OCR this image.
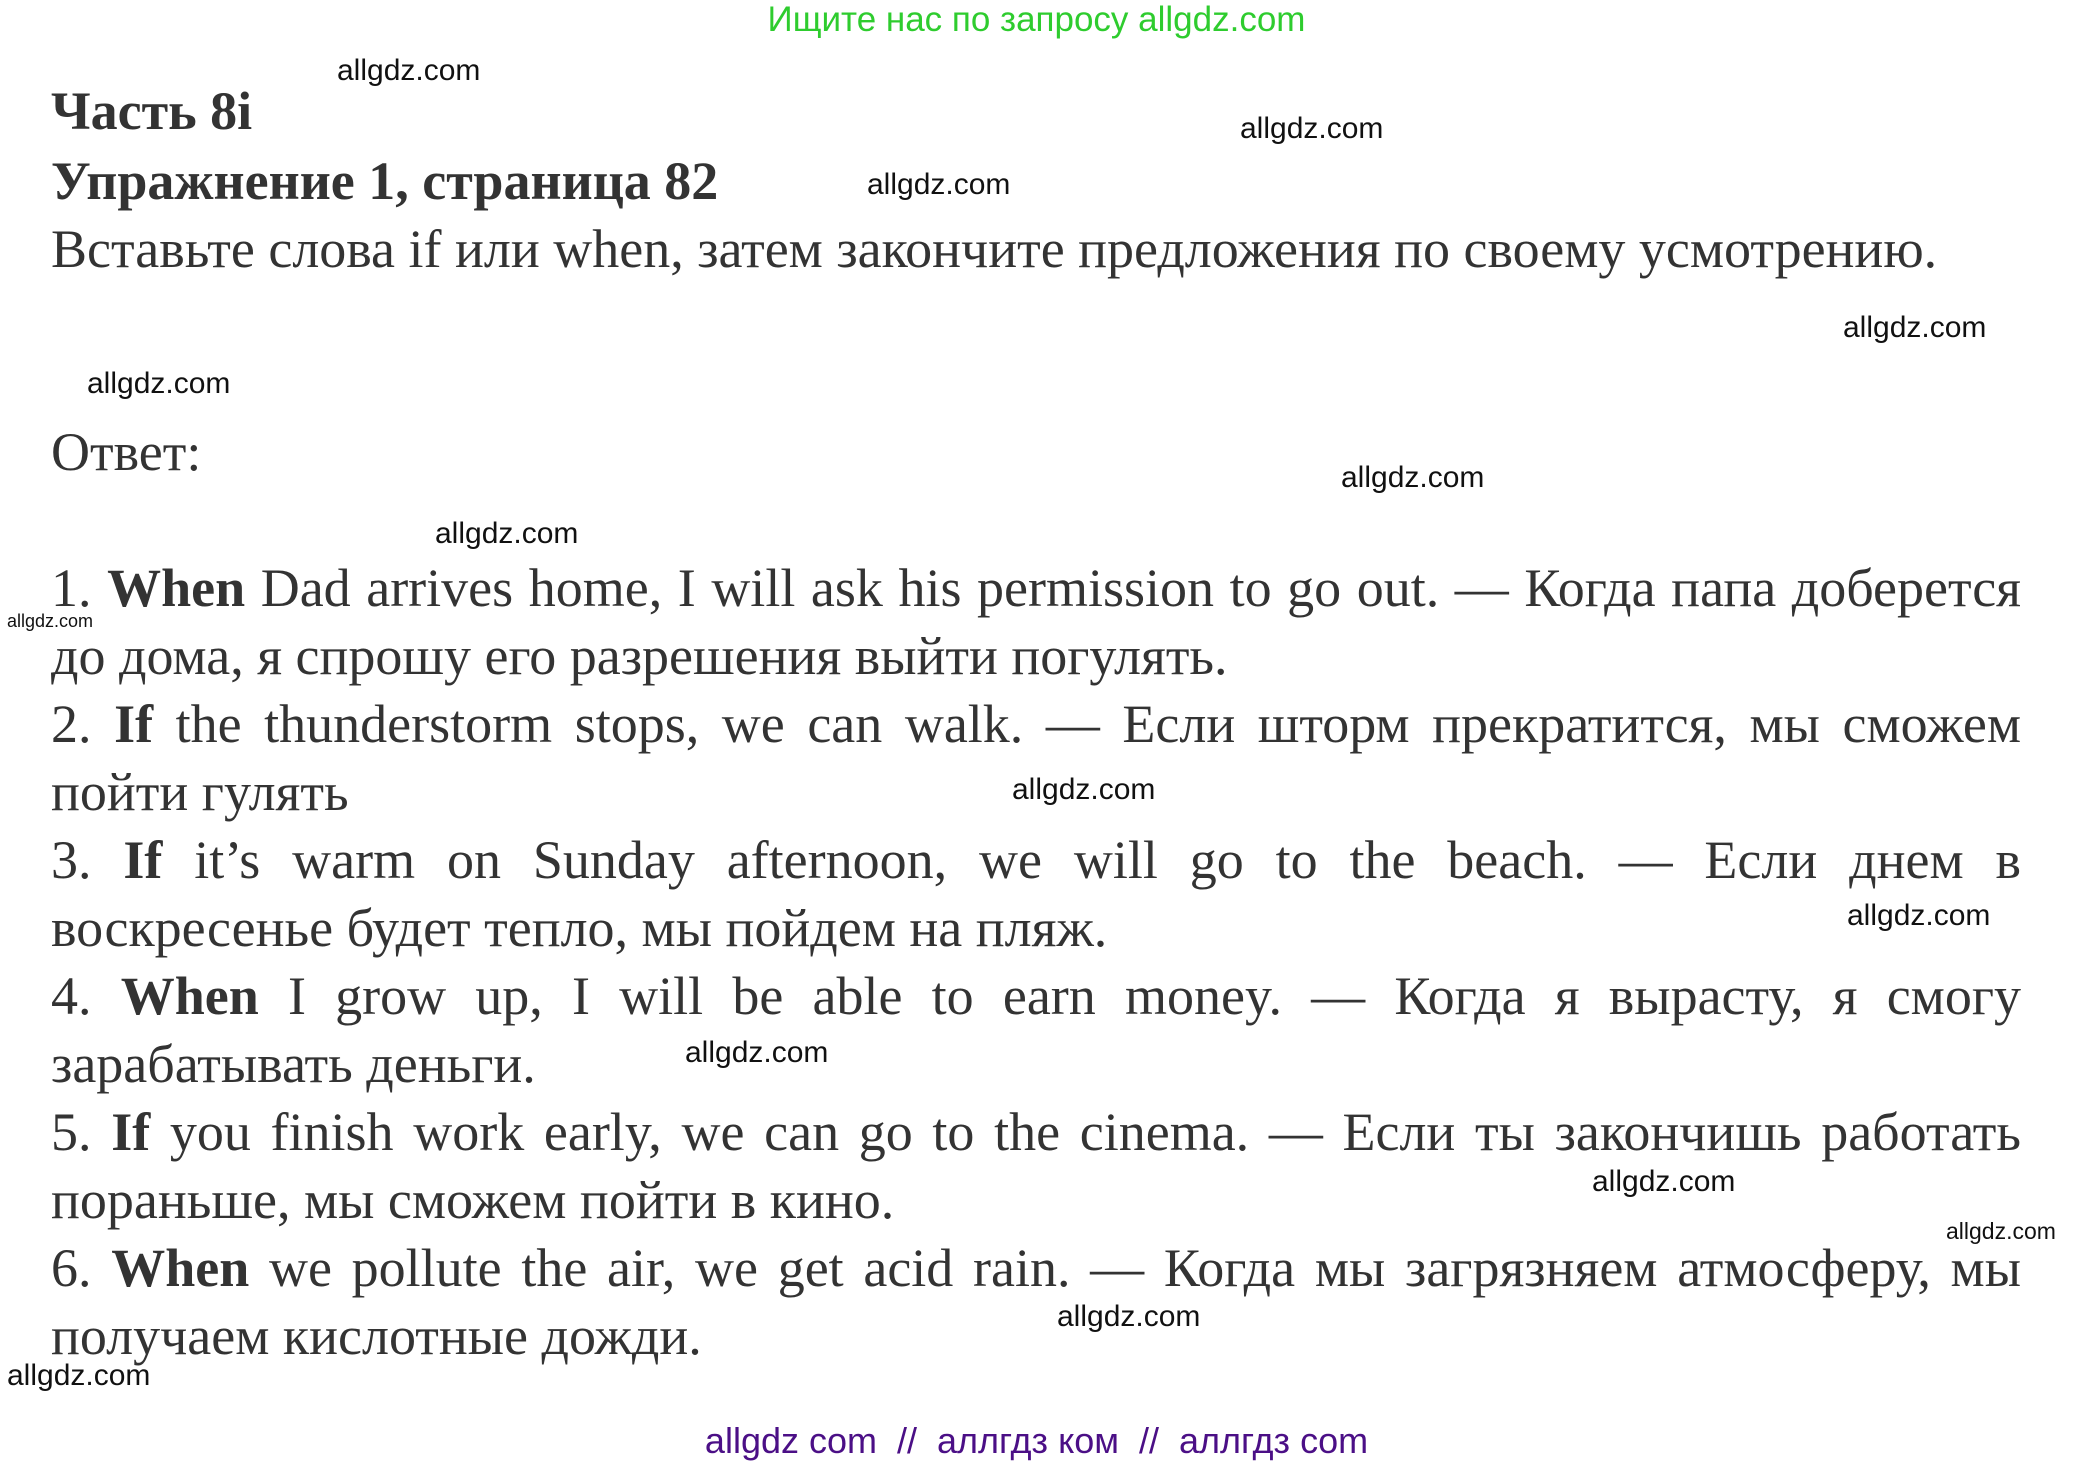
Ищите нас по запросу allgdz.com
Часть 8i
Упражнение 1, страница 82

Вставьте слова if или when, затем закончите предложения по своему усмотрению.

Ответ:

1. When Dad arrives home, I will ask his permission to go out. — Когда папа доберется до дома, я спрошу его разрешения выйти погулять.

2. If the thunderstorm stops, we can walk. — Если шторм прекратится, мы сможем пойти гулять

3. If it’s warm on Sunday afternoon, we will go to the beach. — Если днем в воскресенье будет тепло, мы пойдем на пляж.

4. When I grow up, I will be able to earn money. — Когда я вырасту, я смогу зарабатывать деньги.

5. If you finish work early, we can go to the cinema. — Если ты закончишь работать пораньше, мы сможем пойти в кино.

6. When we pollute the air, we get acid rain. — Когда мы загрязняем атмосферу, мы получаем кислотные дожди.

allgdz.com
allgdz.com
allgdz.com
allgdz.com
allgdz.com
allgdz.com
allgdz.com
allgdz.com
allgdz.com
allgdz.com
allgdz.com
allgdz.com
allgdz.com
allgdz.com
allgdz.com
allgdz com  //  аллгдз ком  //  аллгдз com
